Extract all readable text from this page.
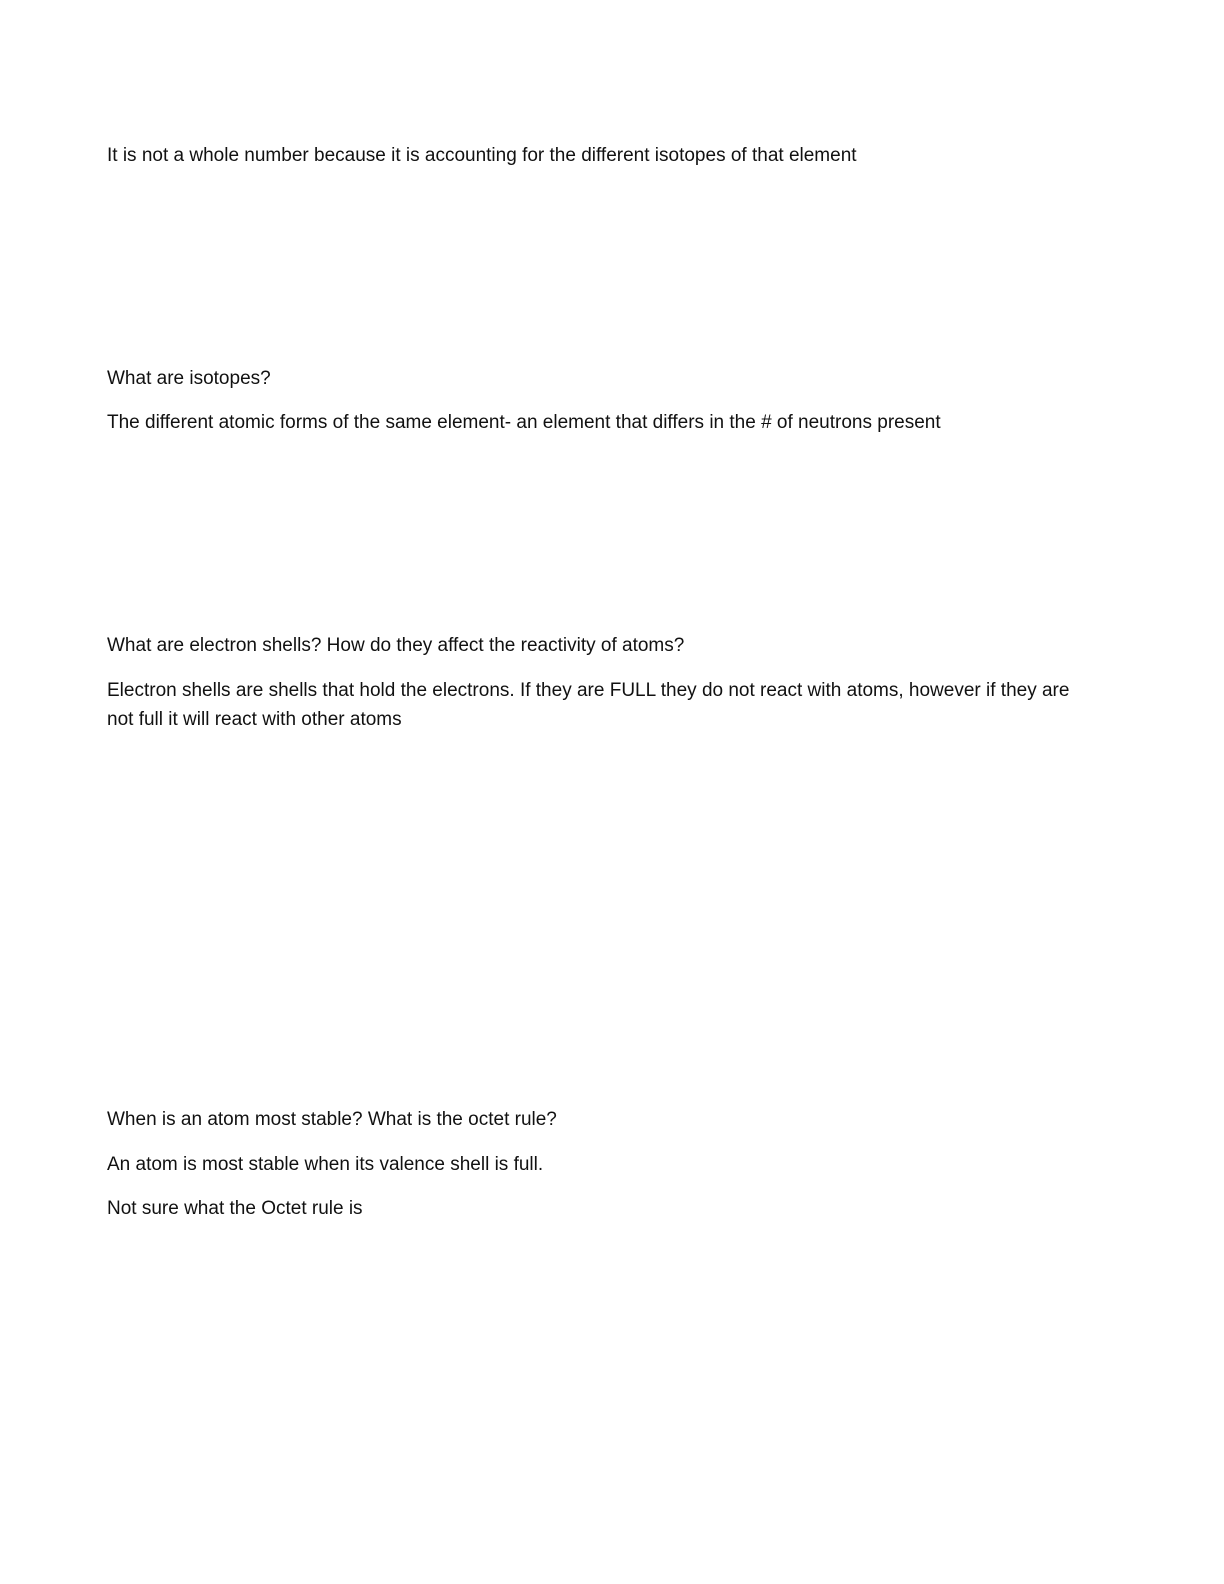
It is not a whole number because it is accounting for the different isotopes of that element

What are isotopes?

The different atomic forms of the same element- an element that differs in the # of neutrons present

What are electron shells? How do they affect the reactivity of atoms?

Electron shells are shells that hold the electrons. If they are FULL they do not react with atoms, however if they are not full it will react with other atoms

When is an atom most stable? What is the octet rule?

An atom is most stable when its valence shell is full.

Not sure what the Octet rule is
